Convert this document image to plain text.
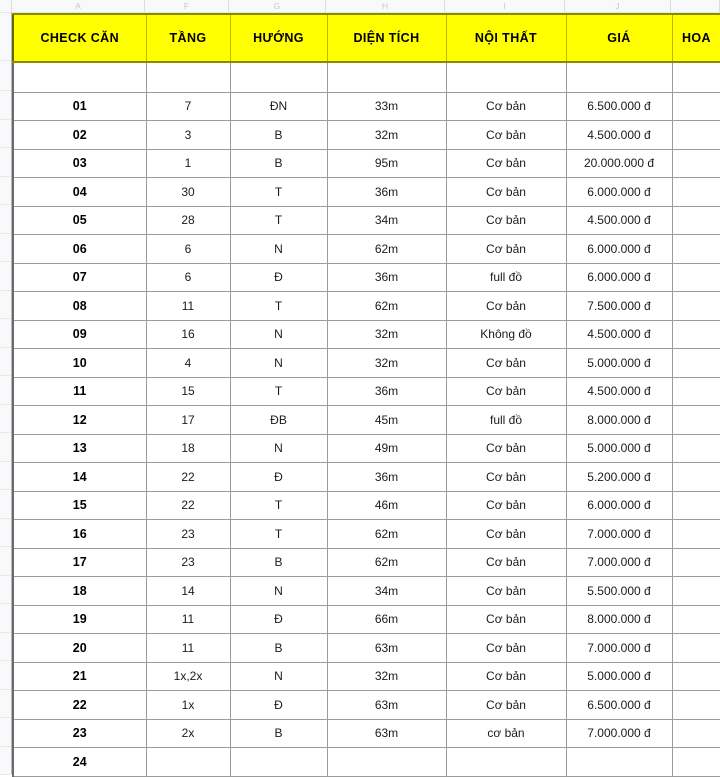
A	F	G	H	I	J
CHECK CĂN	TẦNG	HƯỚNG	DIỆN TÍCH	NỘI THẤT	GIÁ	HOA

01	7	ĐN	33m	Cơ bản	6.500.000 đ	
02	3	B	32m	Cơ bản	4.500.000 đ	
03	1	B	95m	Cơ bản	20.000.000 đ	
04	30	T	36m	Cơ bản	6.000.000 đ	
05	28	T	34m	Cơ bản	4.500.000 đ	
06	6	N	62m	Cơ bản	6.000.000 đ	
07	6	Đ	36m	full đồ	6.000.000 đ	
08	11	T	62m	Cơ bản	7.500.000 đ	
09	16	N	32m	Không đồ	4.500.000 đ	
10	4	N	32m	Cơ bản	5.000.000 đ	
11	15	T	36m	Cơ bản	4.500.000 đ	
12	17	ĐB	45m	full đồ	8.000.000 đ	
13	18	N	49m	Cơ bản	5.000.000 đ	
14	22	Đ	36m	Cơ bản	5.200.000 đ	
15	22	T	46m	Cơ bản	6.000.000 đ	
16	23	T	62m	Cơ bản	7.000.000 đ	
17	23	B	62m	Cơ bản	7.000.000 đ	
18	14	N	34m	Cơ bản	5.500.000 đ	
19	11	Đ	66m	Cơ bản	8.000.000 đ	
20	11	B	63m	Cơ bản	7.000.000 đ	
21	1x,2x	N	32m	Cơ bản	5.000.000 đ	
22	1x	Đ	63m	Cơ bản	6.500.000 đ	
23	2x	B	63m	cơ bản	7.000.000 đ	
24						
